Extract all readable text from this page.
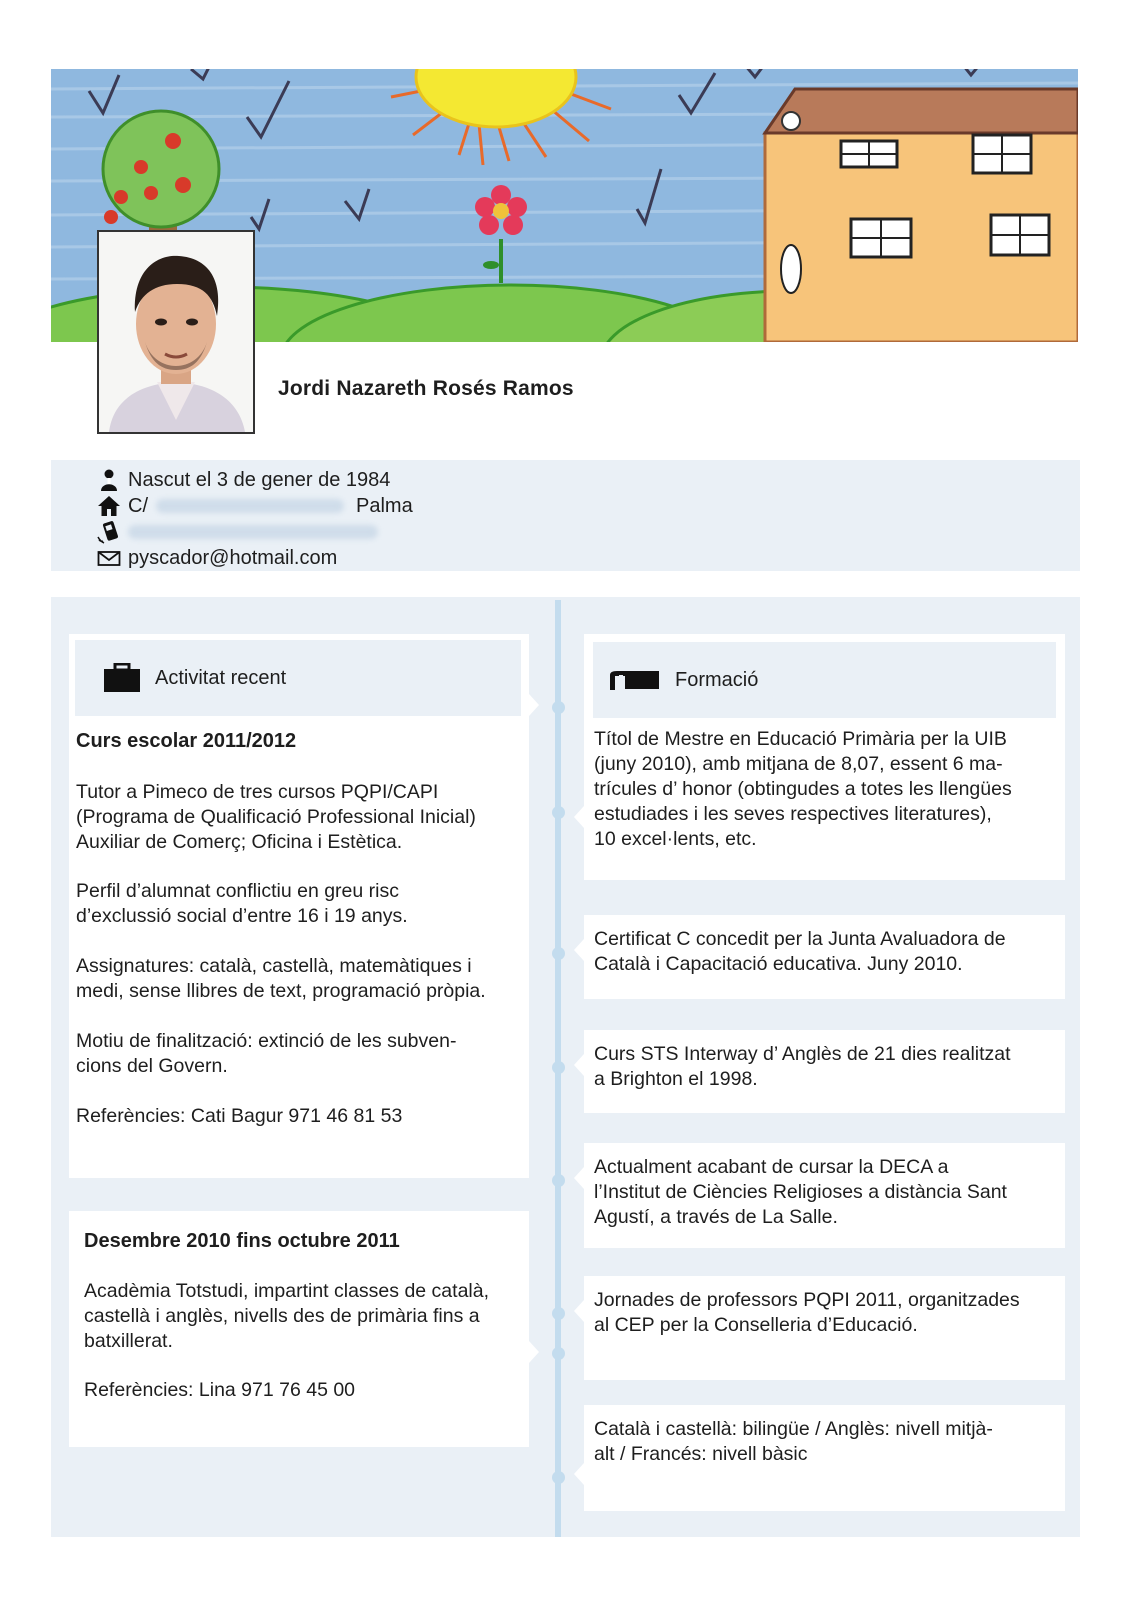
Jordi Nazareth Rosés Ramos
Nascut el 3 de gener de 1984
C/	Palma
pyscador@hotmail.com
Activitat recent
Curs escolar 2011/2012
Tutor a Pimeco de tres cursos PQPI/CAPI
(Programa de Qualificació Professional Inicial)
Auxiliar de Comerç; Oficina i Estètica.
Perfil d’alumnat conflictiu en greu risc
d’exclussió social d’entre 16 i 19 anys.
Assignatures: català, castellà, matemàtiques i
medi, sense llibres de text, programació pròpia.
Motiu de finalització: extinció de les subven-
cions del Govern.
Referències: Cati Bagur 971 46 81 53
Desembre 2010 fins octubre 2011
Acadèmia Totstudi, impartint classes de català,
castellà i anglès, nivells des de primària fins a
batxillerat.
Referències: Lina 971 76 45 00
Formació
Títol de Mestre en Educació Primària per la UIB
(juny 2010), amb mitjana de 8,07, essent 6 ma-
trícules d’ honor (obtingudes a totes les llengües
estudiades i les seves respectives literatures),
10 excel·lents, etc.
Certificat C concedit per la Junta Avaluadora de
Català i Capacitació educativa. Juny 2010.
Curs STS Interway d’ Anglès de 21 dies realitzat
a Brighton el 1998.
Actualment acabant de cursar la DECA a
l’Institut de Ciències Religioses a distància Sant
Agustí, a través de La Salle.
Jornades de professors PQPI 2011, organitzades
al CEP per la Conselleria d’Educació.
Català i castellà: bilingüe / Anglès: nivell mitjà-
alt / Francés: nivell bàsic
